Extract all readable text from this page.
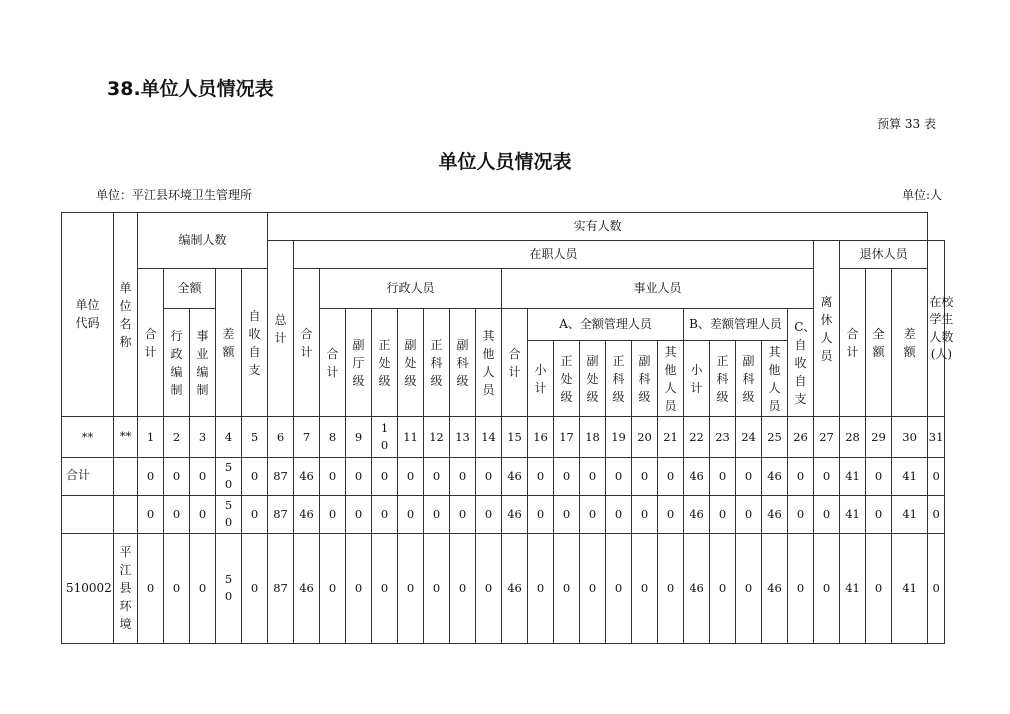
38.单位人员情况表
预算 33 表
单位人员情况表
单位：平江县环境卫生管理所	单位:人
单位代码	单位名称	编制人数					实有人数																									
							总计	在职人员																				离休人员	退休人员			在校学生人数(人)
		合计	全额		差额	自收自支		合计	行政人员							事业人员													合计	全额	差额	
			行政编制	事业编制					合计	副厅级	正处级	副处级	正科级	副科级	其他人员	合计	A、全额管理人员						B、差额管理人员				C、自收自支					
																	小计	正处级	副处级	正科级	副科级	其他人员	小计	正科级	副科级	其他人员						

**	**	1	2	3	4	5	6	7	8	9	10	11	12	13	14	15	16	17	18	19	20	21	22	23	24	25	26	27	28	29	30	31
合计		0	0	0	50	0	87	46	0	0	0	0	0	0	0	46	0	0	0	0	0	0	46	0	0	46	0	0	41	0	41	0
		0	0	0	50	0	87	46	0	0	0	0	0	0	0	46	0	0	0	0	0	0	46	0	0	46	0	0	41	0	41	0
510002	平江县环境	0	0	0	50	0	87	46	0	0	0	0	0	0	0	46	0	0	0	0	0	0	46	0	0	46	0	0	41	0	41	0
